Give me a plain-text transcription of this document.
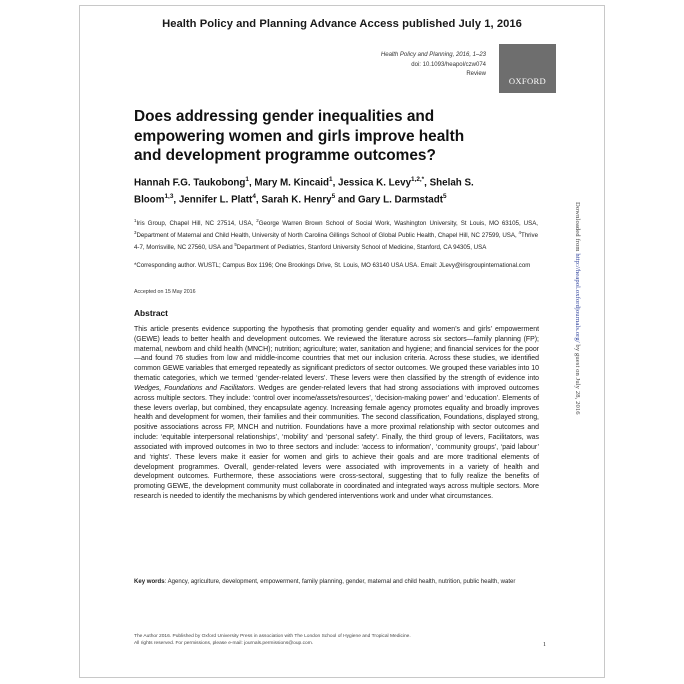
Health Policy and Planning Advance Access published July 1, 2016
Health Policy and Planning, 2016, 1–23
doi: 10.1093/heapol/czw074
Review
OXFORD
Does addressing gender inequalities and empowering women and girls improve health and development programme outcomes?
Hannah F.G. Taukobong$^1$, Mary M. Kincaid$^1$, Jessica K. Levy$^{1,2,*}$, Shelah S. Bloom$^{1,3}$, Jennifer L. Platt$^4$, Sarah K. Henry$^5$ and Gary L. Darmstadt$^5$
$^1$Iris Group, Chapel Hill, NC 27514, USA, $^2$George Warren Brown School of Social Work, Washington University, St Louis, MO 63105, USA, $^3$Department of Maternal and Child Health, University of North Carolina Gillings School of Global Public Health, Chapel Hill, NC 27599, USA, $^4$Thrive 4-7, Morrisville, NC 27560, USA and $^5$Department of Pediatrics, Stanford University School of Medicine, Stanford, CA 94305, USA
*Corresponding author. WUSTL; Campus Box 1196; One Brookings Drive, St. Louis, MO 63140 USA USA. Email: JLevy@irisgroupinternational.com
Accepted on 15 May 2016
Abstract
This article presents evidence supporting the hypothesis that promoting gender equality and women’s and girls’ empowerment (GEWE) leads to better health and development outcomes. We reviewed the literature across six sectors—family planning (FP); maternal, newborn and child health (MNCH); nutrition; agriculture; water, sanitation and hygiene; and financial services for the poor—and found 76 studies from low and middle-income countries that met our inclusion criteria. Across these studies, we identified common GEWE variables that emerged repeatedly as significant predictors of sector outcomes. We grouped these variables into 10 thematic categories, which we termed ‘gender-related levers’. These levers were then classified by the strength of evidence into Wedges, Foundations and Facilitators. Wedges are gender-related levers that had strong associations with improved outcomes across multiple sectors. They include: ‘control over income/assets/resources’, ‘decision-making power’ and ‘education’. Elements of these levers overlap, but combined, they encapsulate agency. Increasing female agency promotes equality and broadly improves health and development for women, their families and their communities. The second classification, Foundations, displayed strong, positive associations across FP, MNCH and nutrition. Foundations have a more proximal relationship with sector outcomes and include: ‘equitable interpersonal relationships’, ‘mobility’ and ‘personal safety’. Finally, the third group of levers, Facilitators, was associated with improved outcomes in two to three sectors and include: ‘access to information’, ‘community groups’, ‘paid labour’ and ‘rights’. These levers make it easier for women and girls to achieve their goals and are more traditional elements of development programmes. Overall, gender-related levers were associated with improvements in a variety of health and development outcomes. Furthermore, these associations were cross-sectoral, suggesting that to fully realize the benefits of promoting GEWE, the development community must collaborate in coordinated and integrated ways across multiple sectors. More research is needed to identify the mechanisms by which gendered interventions work and under what circumstances.
Key words: Agency, agriculture, development, empowerment, family planning, gender, maternal and child health, nutrition, public health, water
The Author 2016. Published by Oxford University Press in association with The London School of Hygiene and Tropical Medicine.
All rights reserved. For permissions, please e-mail: journals.permissions@oup.com.	1
Downloaded from http://heapol.oxfordjournals.org/ by guest on July 28, 2016
